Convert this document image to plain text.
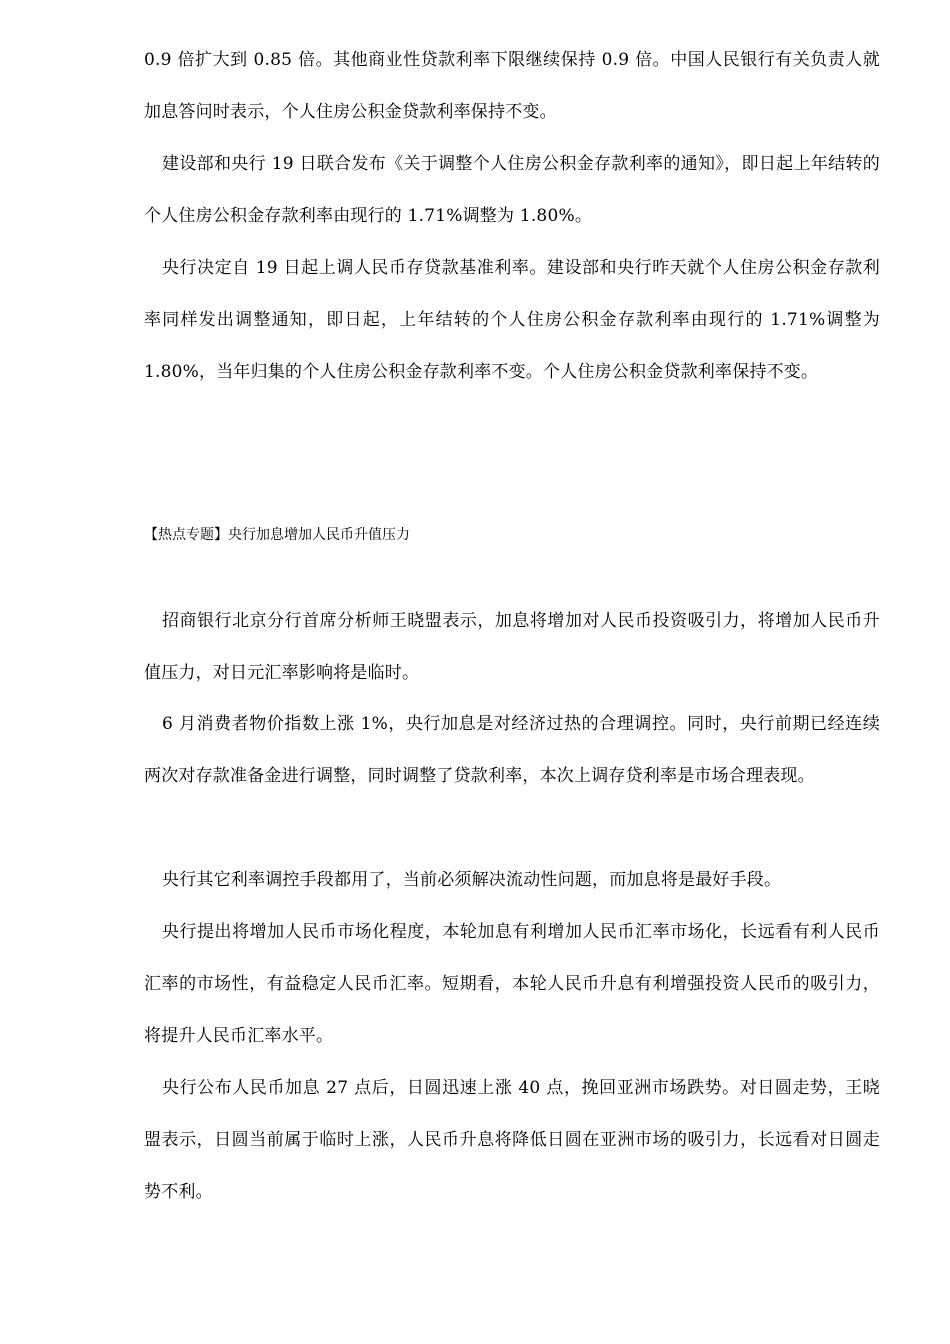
0.9 倍扩大到 0.85 倍。其他商业性贷款利率下限继续保持 0.9 倍。中国人民银行有关负责人就加息答问时表示，个人住房公积金贷款利率保持不变。

建设部和央行 19 日联合发布《关于调整个人住房公积金存款利率的通知》，即日起上年结转的个人住房公积金存款利率由现行的 1.71%调整为 1.80%。

央行决定自 19 日起上调人民币存贷款基准利率。建设部和央行昨天就个人住房公积金存款利率同样发出调整通知，即日起，上年结转的个人住房公积金存款利率由现行的 1.71%调整为 1.80%，当年归集的个人住房公积金存款利率不变。个人住房公积金贷款利率保持不变。

【热点专题】央行加息增加人民币升值压力

招商银行北京分行首席分析师王晓盟表示，加息将增加对人民币投资吸引力，将增加人民币升值压力，对日元汇率影响将是临时。

6 月消费者物价指数上涨 1%，央行加息是对经济过热的合理调控。同时，央行前期已经连续两次对存款准备金进行调整，同时调整了贷款利率，本次上调存贷利率是市场合理表现。

央行其它利率调控手段都用了，当前必须解决流动性问题，而加息将是最好手段。

央行提出将增加人民币市场化程度，本轮加息有利增加人民币汇率市场化，长远看有利人民币汇率的市场性，有益稳定人民币汇率。短期看，本轮人民币升息有利增强投资人民币的吸引力，将提升人民币汇率水平。

央行公布人民币加息 27 点后，日圆迅速上涨 40 点，挽回亚洲市场跌势。对日圆走势，王晓盟表示，日圆当前属于临时上涨，人民币升息将降低日圆在亚洲市场的吸引力，长远看对日圆走势不利。
